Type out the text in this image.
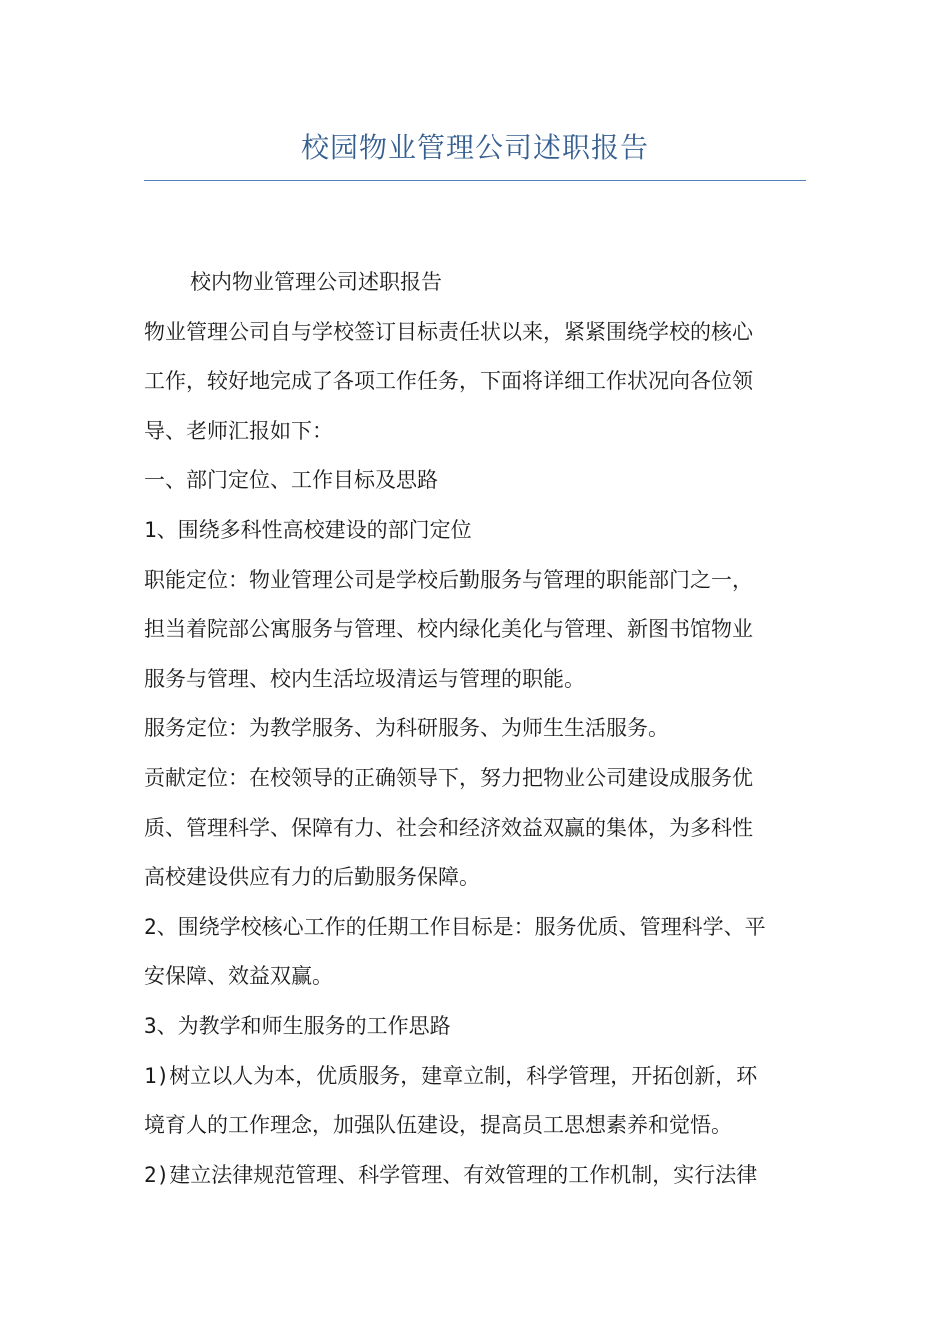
校园物业管理公司述职报告
校内物业管理公司述职报告
物业管理公司自与学校签订目标责任状以来，紧紧围绕学校的核心
工作，较好地完成了各项工作任务，下面将详细工作状况向各位领
导、老师汇报如下：
一、部门定位、工作目标及思路
1、围绕多科性高校建设的部门定位
职能定位：物业管理公司是学校后勤服务与管理的职能部门之一，
担当着院部公寓服务与管理、校内绿化美化与管理、新图书馆物业
服务与管理、校内生活垃圾清运与管理的职能。
服务定位：为教学服务、为科研服务、为师生生活服务。
贡献定位：在校领导的正确领导下，努力把物业公司建设成服务优
质、管理科学、保障有力、社会和经济效益双赢的集体，为多科性
高校建设供应有力的后勤服务保障。
2、围绕学校核心工作的任期工作目标是：服务优质、管理科学、平
安保障、效益双赢。
3、为教学和师生服务的工作思路
1)树立以人为本，优质服务，建章立制，科学管理，开拓创新，环
境育人的工作理念，加强队伍建设，提高员工思想素养和觉悟。
2)建立法律规范管理、科学管理、有效管理的工作机制，实行法律
